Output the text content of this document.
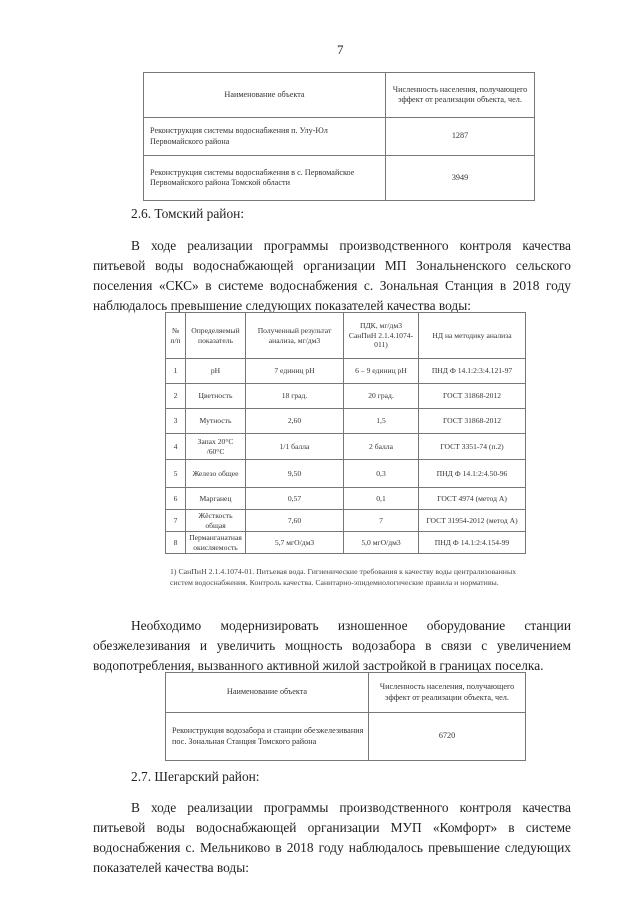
7
Наименование объекта	Численность населения, получающего эффект от реализации объекта, чел.
Реконструкция системы водоснабжения п. Улу-Юл Первомайского района	1287
Реконструкция системы водоснабжения в с. Первомайское Первомайского района Томской области	3949
2.6. Томский район:
В ходе реализации программы производственного контроля качества питьевой воды водоснабжающей организации МП Зональненского сельского поселения «СКС» в системе водоснабжения с. Зональная Станция в 2018 году наблюдалось превышение следующих показателей качества воды:
№ п/п	Определяемый показатель	Полученный результат анализа, мг/дм3	ПДК, мг/дм3 СанПиН 2.1.4.1074-011)	НД на методику анализа
1	pH	7 единиц pH	6 – 9 единиц pH	ПНД Ф 14.1:2:3:4.121-97
2	Цветность	18 град.	20 град.	ГОСТ 31868-2012
3	Мутность	2,60	1,5	ГОСТ 31868-2012
4	Запах 20°С /60°С	1/1 балла	2 балла	ГОСТ 3351-74 (п.2)
5	Железо общее	9,50	0,3	ПНД Ф 14.1:2:4.50-96
6	Марганец	0,57	0,1	ГОСТ 4974 (метод А)
7	Жёсткость общая	7,60	7	ГОСТ 31954-2012 (метод А)
8	Перманганатная окисляемость	5,7 мгО/дм3	5,0 мгО/дм3	ПНД Ф 14.1:2:4.154-99
1) СанПиН 2.1.4.1074-01. Питьевая вода. Гигиенические требования к качеству воды централизованных систем водоснабжения. Контроль качества. Санитарно-эпидемиологические правила и нормативы.
Необходимо модернизировать изношенное оборудование станции обезжелезивания и увеличить мощность водозабора в связи с увеличением водопотребления, вызванного активной жилой застройкой в границах поселка.
Наименование объекта	Численность населения, получающего эффект от реализации объекта, чел.
Реконструкция водозабора и станции обезжелезивания пос. Зональная Станция Томского района	6720
2.7. Шегарский район:
В ходе реализации программы производственного контроля качества питьевой воды водоснабжающей организации МУП «Комфорт» в системе водоснабжения с. Мельниково в 2018 году наблюдалось превышение следующих показателей качества воды:
